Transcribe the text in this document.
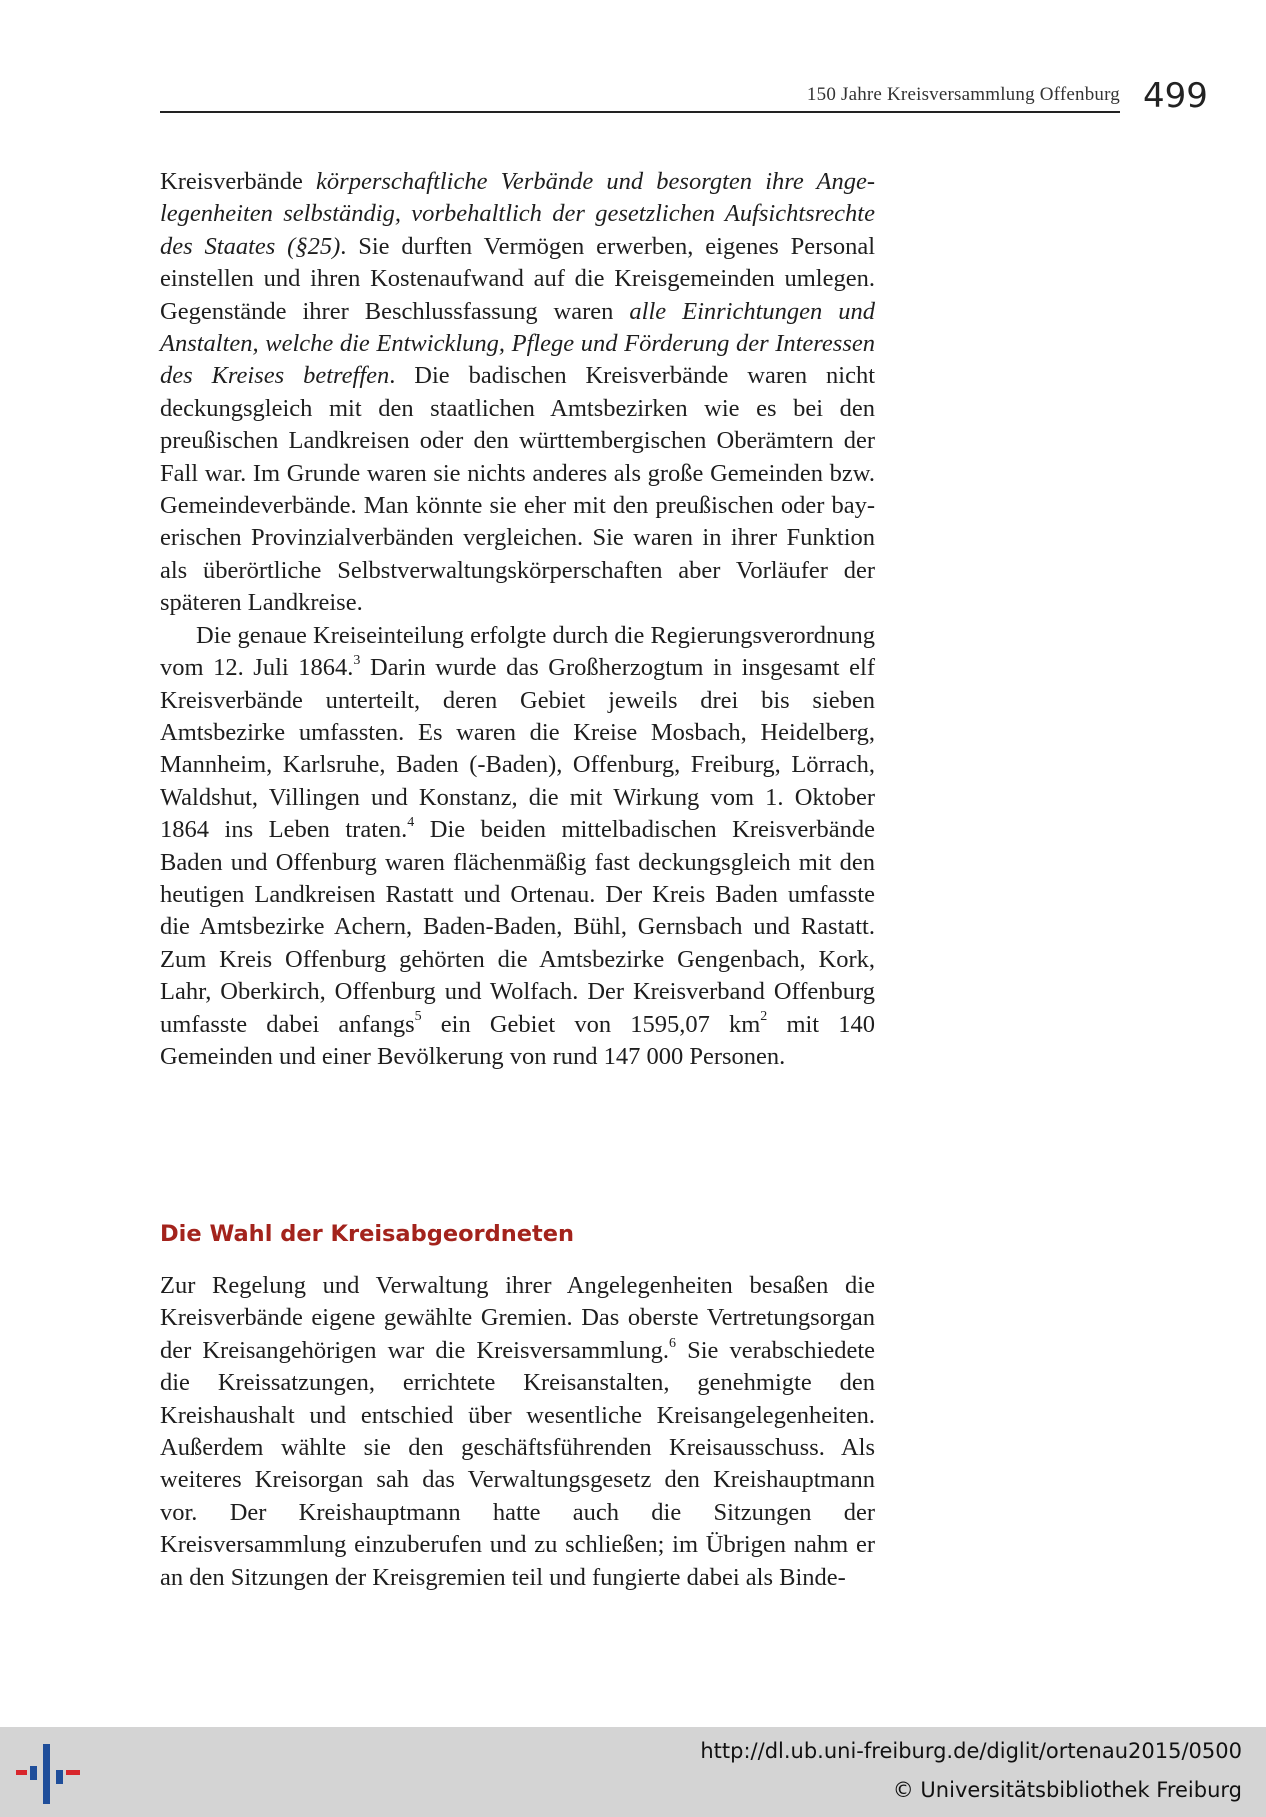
150 Jahre Kreisversammlung Offenburg 499

Kreisverbände körperschaftliche Verbände und besorgten ihre Angelegenheiten selbständig, vorbehaltlich der gesetzlichen Aufsichtsrechte des Staates (§25). Sie durften Vermögen erwerben, eigenes Personal einstellen und ihren Kostenaufwand auf die Kreisgemeinden umlegen. Gegenstände ihrer Beschlussfassung waren alle Einrichtungen und Anstalten, welche die Entwicklung, Pflege und Förderung der Interessen des Kreises betreffen. Die badischen Kreisverbände waren nicht deckungsgleich mit den staatlichen Amtsbezirken wie es bei den preußischen Landkreisen oder den württembergischen Oberämtern der Fall war. Im Grunde waren sie nichts anderes als große Gemeinden bzw. Gemeindeverbände. Man könnte sie eher mit den preußischen oder bayerischen Provinzialverbänden vergleichen. Sie waren in ihrer Funktion als überörtliche Selbstverwaltungskörperschaften aber Vorläufer der späteren Landkreise.

Die genaue Kreiseinteilung erfolgte durch die Regierungsverordnung vom 12. Juli 1864.$^3$ Darin wurde das Großherzogtum in insgesamt elf Kreisverbände unterteilt, deren Gebiet jeweils drei bis sieben Amtsbezirke umfassten. Es waren die Kreise Mosbach, Heidelberg, Mannheim, Karlsruhe, Baden (-Baden), Offenburg, Freiburg, Lörrach, Waldshut, Villingen und Konstanz, die mit Wirkung vom 1. Oktober 1864 ins Leben traten.$^4$ Die beiden mittelbadischen Kreisverbände Baden und Offenburg waren flächenmäßig fast deckungsgleich mit den heutigen Landkreisen Rastatt und Ortenau. Der Kreis Baden umfasste die Amtsbezirke Achern, Baden-Baden, Bühl, Gernsbach und Rastatt. Zum Kreis Offenburg gehörten die Amtsbezirke Gengenbach, Kork, Lahr, Oberkirch, Offenburg und Wolfach. Der Kreisverband Offenburg umfasste dabei anfangs$^5$ ein Gebiet von 1595,07 $km^2$ mit 140 Gemeinden und einer Bevölkerung von rund 147 000 Personen.

Die Wahl der Kreisabgeordneten

Zur Regelung und Verwaltung ihrer Angelegenheiten besaßen die Kreisverbände eigene gewählte Gremien. Das oberste Vertretungsorgan der Kreisangehörigen war die Kreisversammlung.$^6$ Sie verabschiedete die Kreissatzungen, errichtete Kreisanstalten, genehmigte den Kreishaushalt und entschied über wesentliche Kreisangelegenheiten. Außerdem wählte sie den geschäftsführenden Kreisausschuss. Als weiteres Kreisorgan sah das Verwaltungsgesetz den Kreishauptmann vor. Der Kreishauptmann hatte auch die Sitzungen der Kreisversammlung einzuberufen und zu schließen; im Übrigen nahm er an den Sitzungen der Kreisgremien teil und fungierte dabei als Binde-

http://dl.ub.uni-freiburg.de/diglit/ortenau2015/0500
© Universitätsbibliothek Freiburg
